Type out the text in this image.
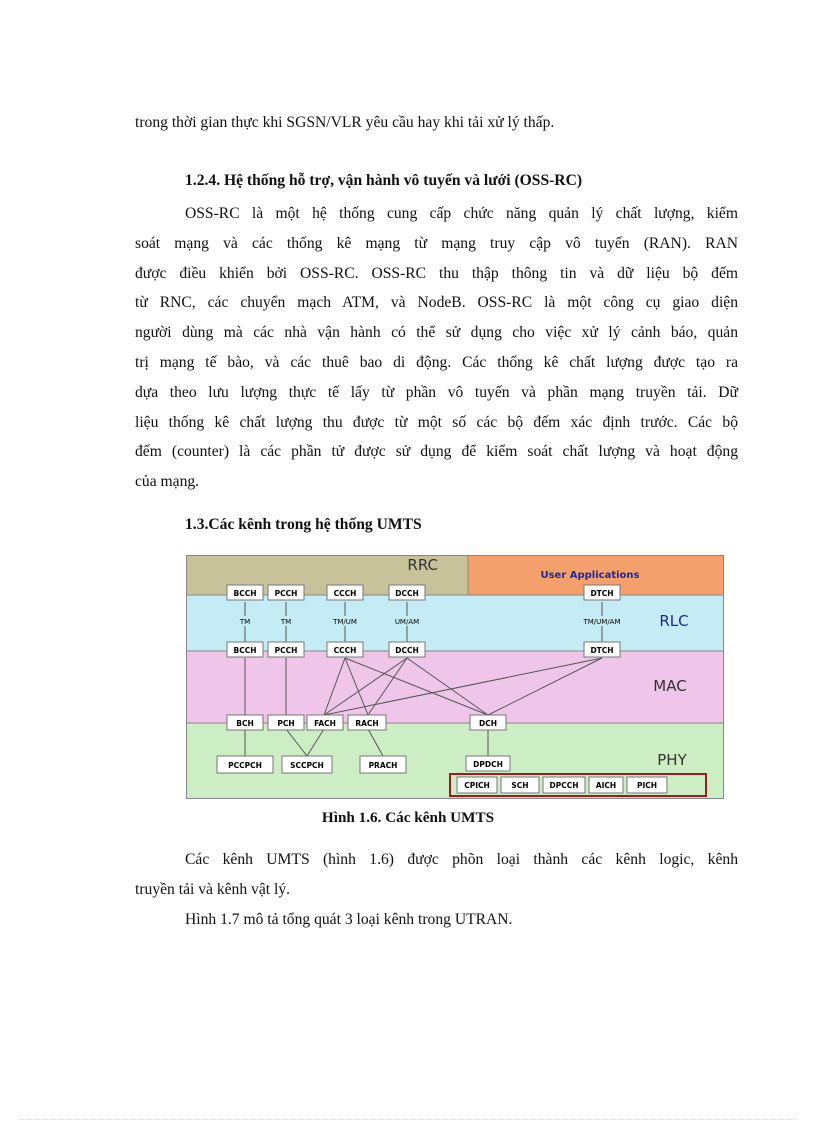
trong thời gian thực khi SGSN/VLR yêu cầu hay khi tải xử lý thấp.
1.2.4. Hệ thống hỗ trợ, vận hành vô tuyến và lưới (OSS-RC)
OSS-RC là một hệ thống cung cấp chức năng quản lý chất lượng, kiểm
soát mạng và các thống kê mạng từ mạng truy cập vô tuyến (RAN). RAN
được điều khiển bởi OSS-RC. OSS-RC thu thập thông tin và dữ liệu bộ đếm
từ RNC, các chuyển mạch ATM, và NodeB. OSS-RC là một công cụ giao diện
người dùng mà các nhà vận hành có thể sử dụng cho việc xử lý cảnh báo, quản
trị mạng tế bào, và các thuê bao di động. Các thống kê chất lượng được tạo ra
dựa theo lưu lượng thực tế lấy từ phần vô tuyến và phần mạng truyền tải. Dữ
liệu thống kê chất lượng thu được từ một số các bộ đếm xác định trước. Các bộ
đếm (counter) là các phần tử được sử dụng để kiểm soát chất lượng và hoạt động
của mạng.
1.3.Các kênh trong hệ thống UMTS
RRC
User Applications
RLC
MAC
PHY
BCCH PCCH	CCCH	DCCH	DTCH
TM	TM	TM/UM	UM/AM	TM/UM/AM
BCCH PCCH	CCCH	DCCH	DTCH
BCH	PCH	FACH	RACH	DCH
PCCPCH	SCCPCH	PRACH	DPDCH
CPICH	SCH	DPCCH AICH	PICH
Hình 1.6. Các kênh UMTS
Các kênh UMTS (hình 1.6) được phõn loại thành các kênh logic, kênh
truyền tải và kênh vật lý.
Hình 1.7 mô tả tổng quát 3 loại kênh trong UTRAN.
